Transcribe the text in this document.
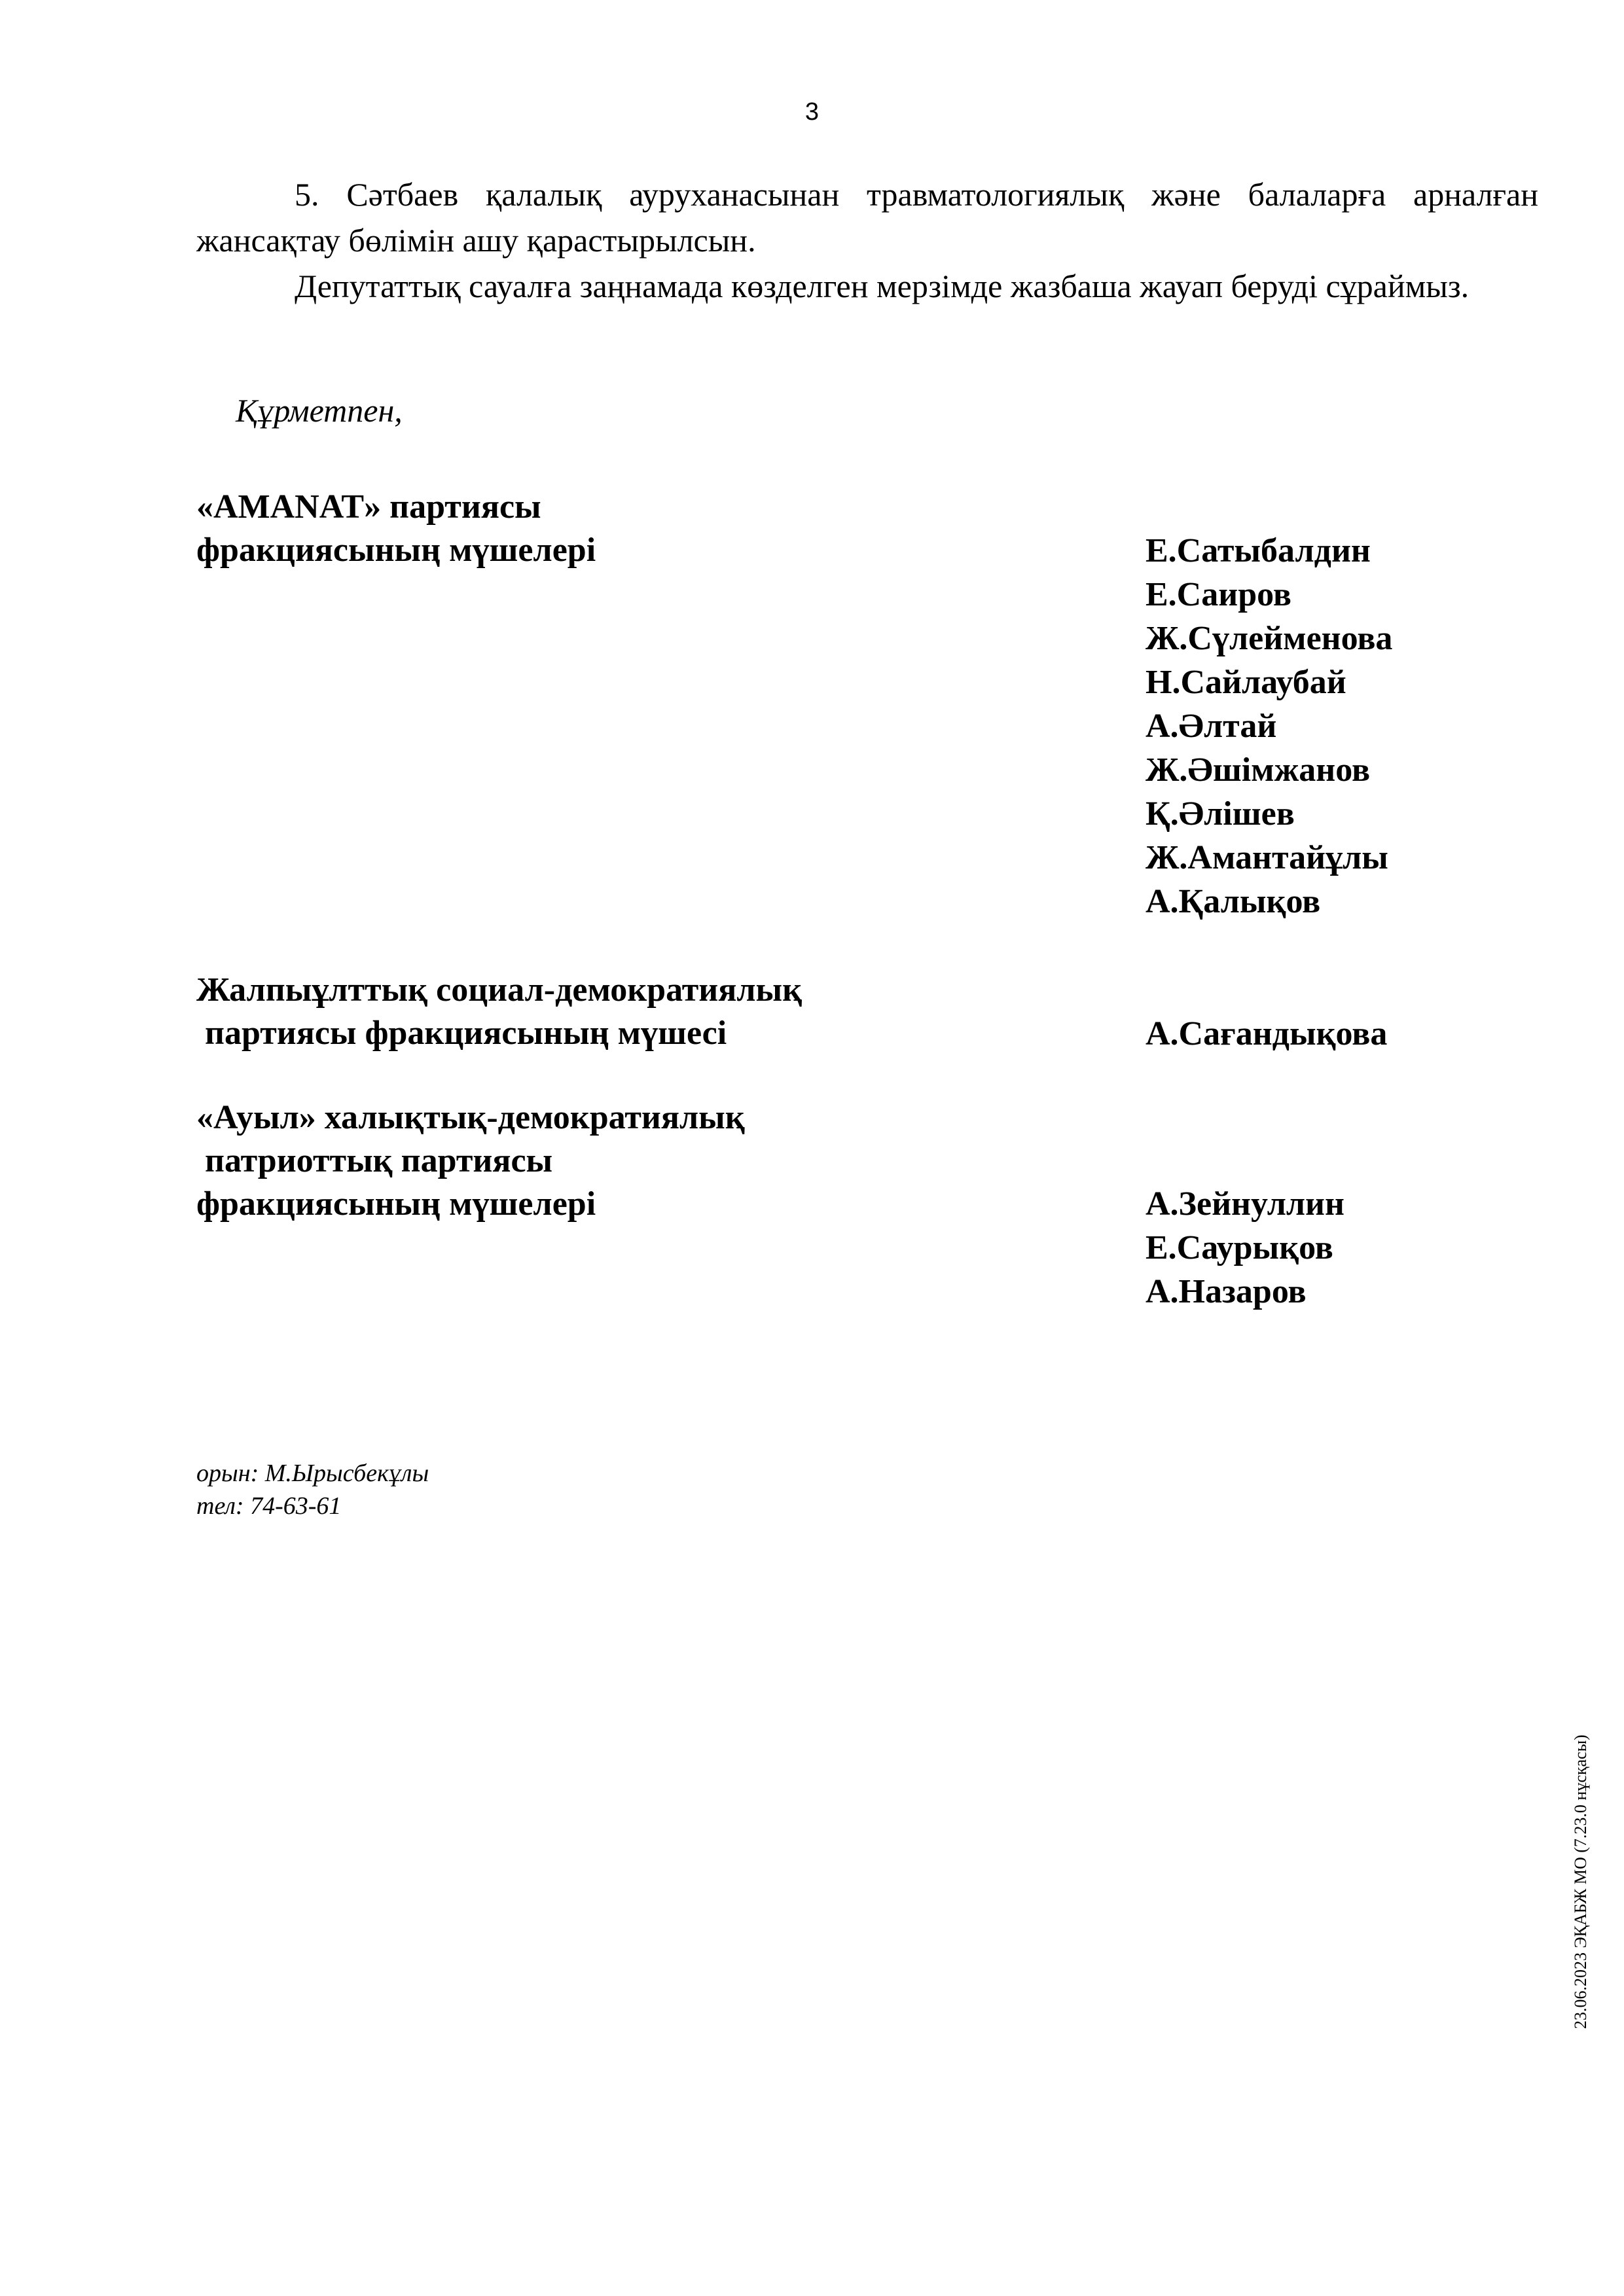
3

5. Сәтбаев қалалық ауруханасынан травматологиялық және балаларға арналған жансақтау бөлімін ашу қарастырылсын.

Депутаттық сауалға заңнамада көзделген мерзімде жазбаша жауап беруді сұраймыз.

Құрметпен,
«AMANAT» партиясы
фракциясының мүшелері	Е.Сатыбалдин
Е.Саиров
Ж.Сүлейменова
Н.Сайлаубай
А.Әлтай
Ж.Әшімжанов
Қ.Әлішев
Ж.Амантайұлы
А.Қалықов
Жалпыұлттық социал-демократиялық
партиясы фракциясының мүшесі	А.Сағандықова
«Ауыл» халықтық-демократиялық
патриоттық партиясы
фракциясының мүшелері	А.Зейнуллин
Е.Саурықов
А.Назаров
орын: М.Ырысбекұлы
тел: 74-63-61
23.06.2023 ЭҚАБЖ МО (7.23.0 нұсқасы)
